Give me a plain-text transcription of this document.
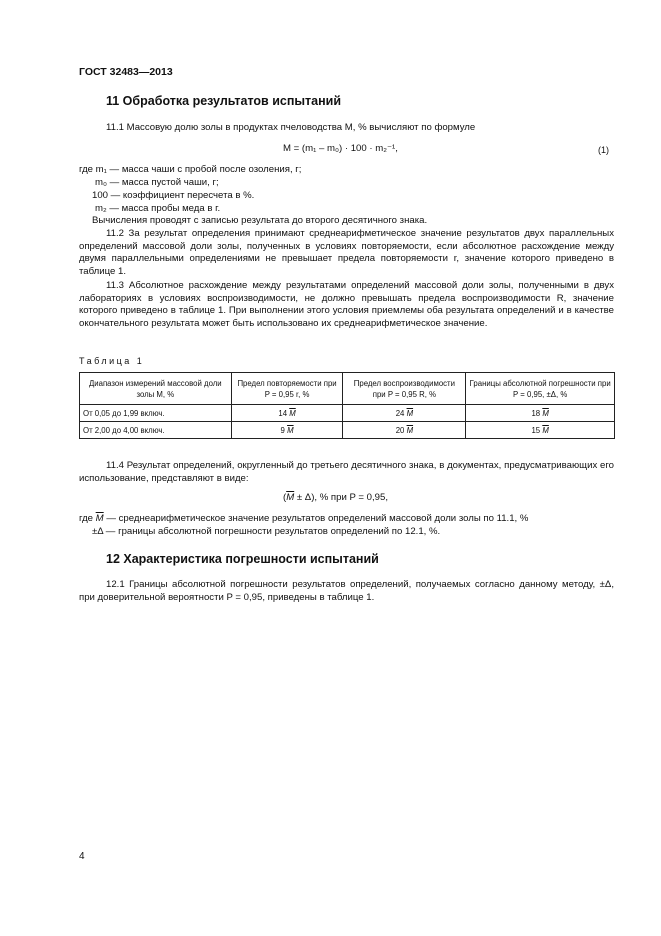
ГОСТ 32483—2013
11 Обработка результатов испытаний
11.1 Массовую долю золы в продуктах пчеловодства M, % вычисляют по формуле
M = (m₁ – m₀) · 100 · m₂⁻¹,	(1)
где m₁ — масса чаши с пробой после озоления, г;
m₀ — масса пустой чаши, г;
100 — коэффициент пересчета в %.
m₂ — масса пробы меда в г.
Вычисления проводят с записью результата до второго десятичного знака.
11.2 За результат определения принимают среднеарифметическое значение результатов двух параллельных определений массовой доли золы, полученных в условиях повторяемости, если абсолютное расхождение между двумя параллельными определениями не превышает предела повторяемости r, значение которого приведено в таблице 1.
11.3 Абсолютное расхождение между результатами определений массовой доли золы, полученными в двух лабораториях в условиях воспроизводимости, не должно превышать предела воспроизводимости R, значение которого приведено в таблице 1. При выполнении этого условия приемлемы оба результата определений и в качестве окончательного результата может быть использовано их среднеарифметическое значение.
Таблица 1
Диапазон измерений массовой доли золы M, %	Предел повторяемости при P = 0,95 r, %	Предел воспроизводимости при P = 0,95 R, %	Границы абсолютной погрешности при P = 0,95, ±Δ, %
От 0,05 до 1,99 включ.	14 $\overline{M}$	24 $\overline{M}$	18 $\overline{M}$
От 2,00 до 4,00 включ.	9 $\overline{M}$	20 $\overline{M}$	15 $\overline{M}$
11.4 Результат определений, округленный до третьего десятичного знака, в документах, предусматривающих его использование, представляют в виде:
$(\overline{M} \pm \Delta)$, % при P = 0,95,
где $\overline{M}$ — среднеарифметическое значение результатов определений массовой доли золы по 11.1, %
±Δ — границы абсолютной погрешности результатов определений по 12.1, %.
12 Характеристика погрешности испытаний
12.1 Границы абсолютной погрешности результатов определений, получаемых согласно данному методу, ±Δ, при доверительной вероятности P = 0,95, приведены в таблице 1.
4
